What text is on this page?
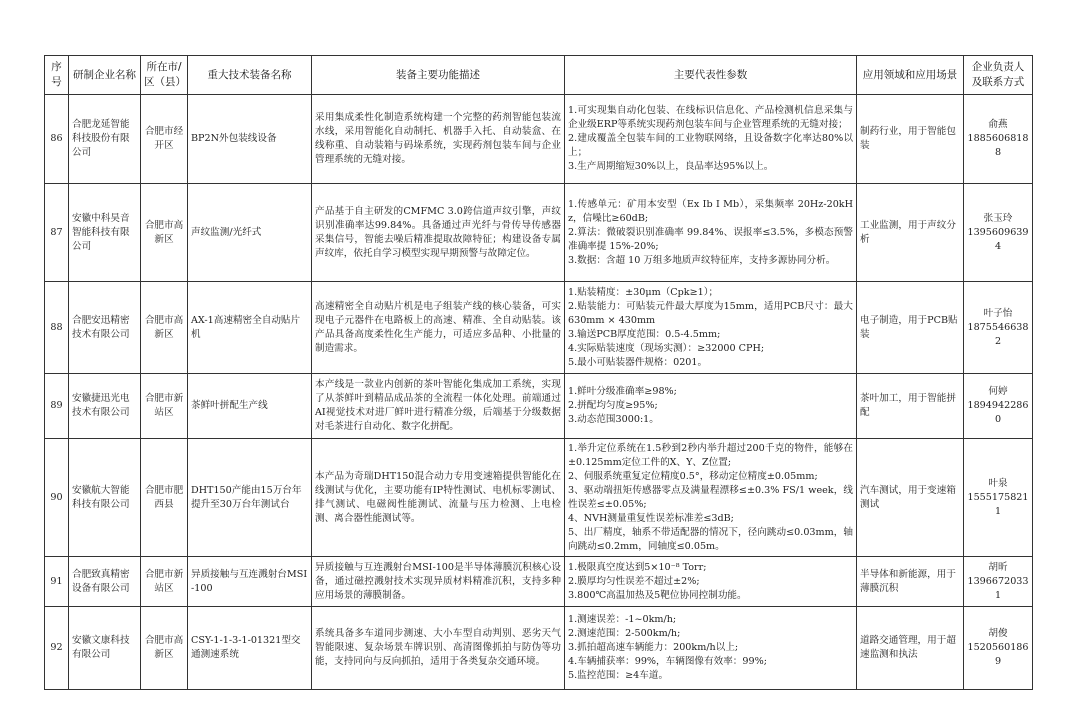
序号	研制企业名称	所在市/区（县）	重大技术装备名称	装备主要功能描述	主要代表性参数	应用领域和应用场景	企业负责人及联系方式
86	合肥龙延智能科技股份有限公司	合肥市经开区	BP2N外包装线设备	采用集成柔性化制造系统构建一个完整的药剂智能包装流水线，采用智能化自动制托、机器手入托、自动装盒、在线称重、自动装箱与码垛系统，实现药剂包装车间与企业管理系统的无缝对接。	1.可实现集自动化包装、在线标识信息化、产品检测机信息采集与企业级ERP等系统实现药剂包装车间与企业管理系统的无缝对接；
2.建成覆盖全包装车间的工业物联网络，且设备数字化率达80%以上；
3.生产周期缩短30%以上，良品率达95%以上。	制药行业，用于智能包装	俞燕
18856068188

87	安徽中科昊音智能科技有限公司	合肥市高新区	声纹监测/光纤式	产品基于自主研发的CMFMC 3.0跨信道声纹引擎，声纹识别准确率达99.84%。具备通过声光纤与骨传导传感器采集信号，智能去噪后精准提取故障特征；构建设备专属声纹库，依托自学习模型实现早期预警与故障定位。	1.传感单元：矿用本安型（Ex Ib I Mb），采集频率 20Hz-20kHz，信噪比≥60dB;
2.算法：微破裂识别准确率 99.84%、误报率≤3.5%，多模态预警准确率提 15%-20%;
3.数据：含超 10 万组多地质声纹特征库，支持多源协同分析。	工业监测，用于声纹分析	张玉玲
13956096394

88	合肥安迅精密技术有限公司	合肥市高新区	AX-1高速精密全自动贴片机	高速精密全自动贴片机是电子组装产线的核心装备，可实现电子元器件在电路板上的高速、精准、全自动贴装。该产品具备高度柔性化生产能力，可适应多品种、小批量的制造需求。	1.贴装精度：±30μm（Cpk≥1）；
2.贴装能力：可贴装元件最大厚度为15mm，适用PCB尺寸：最大 630mm × 430mm
3.输送PCB厚度范围：0.5-4.5mm;
4.实际贴装速度（现场实测）：≥32000 CPH;
5.最小可贴装器件规格：0201。	电子制造，用于PCB贴装	叶子怡
18755466382

89	安徽捷迅光电技术有限公司	合肥市新站区	茶鲜叶拼配生产线	本产线是一款业内创新的茶叶智能化集成加工系统，实现了从茶鲜叶到精品成品茶的全流程一体化处理。前端通过AI视觉技术对进厂鲜叶进行精准分级，后端基于分级数据对毛茶进行自动化、数字化拼配。	1.鲜叶分级准确率≥98%;
2.拼配均匀度≥95%;
3.动态范围3000:1。	茶叶加工，用于智能拼配	何婷
18949422860

90	安徽航大智能科技有限公司	合肥市肥西县	DHT150产能由15万台年提升至30万台年测试台	本产品为奇瑞DHT150混合动力专用变速箱提供智能化在线测试与优化，主要功能有IP特性测试、电机标零测试、排气测试、电磁阀性能测试、流量与压力检测、上电检测、离合器性能测试等。	1.举升定位系统在1.5秒到2秒内举升超过200千克的物件，能够在±0.125mm定位工件的X、Y、Z位置;
2、伺服系统重复定位精度0.5°，移动定位精度±0.05mm;
3、驱动端扭矩传感器零点及满量程漂移≤±0.3% FS/1 week，线性误差≤±0.05%;
4、NVH测量重复性误差标准差≤3dB;
5、出厂精度，轴系不带适配器的情况下，径向跳动≤0.03mm，轴向跳动≤0.2mm，同轴度≤0.05m。	汽车测试，用于变速箱测试	叶泉
15551758211

91	合肥致真精密设备有限公司	合肥市新站区	异质接触与互连溅射台MSI-100	异质接触与互连溅射台MSI-100是半导体薄膜沉积核心设备，通过磁控溅射技术实现异质材料精准沉积，支持多种应用场景的薄膜制备。	1.极限真空度达到5×10⁻⁸ Torr;
2.膜厚均匀性误差不超过±2%;
3.800℃高温加热及5靶位协同控制功能。	半导体和新能源，用于薄膜沉积	胡昕
13966720331

92	安徽文康科技有限公司	合肥市高新区	CSY-1-1-3-1-01321型交通测速系统	系统具备多车道同步测速、大小车型自动判别、恶劣天气智能限速、复杂场景车牌识别、高清图像抓拍与防伪等功能，支持同向与反向抓拍，适用于各类复杂交通环境。	1.测速误差：-1~0km/h;
2.测速范围：2-500km/h;
3.抓拍超高速车辆能力：200km/h以上;
4.车辆捕获率：99%，车辆图像有效率：99%;
5.监控范围：≥4车道。	道路交通管理，用于超速监测和执法	胡俊
15205601869
